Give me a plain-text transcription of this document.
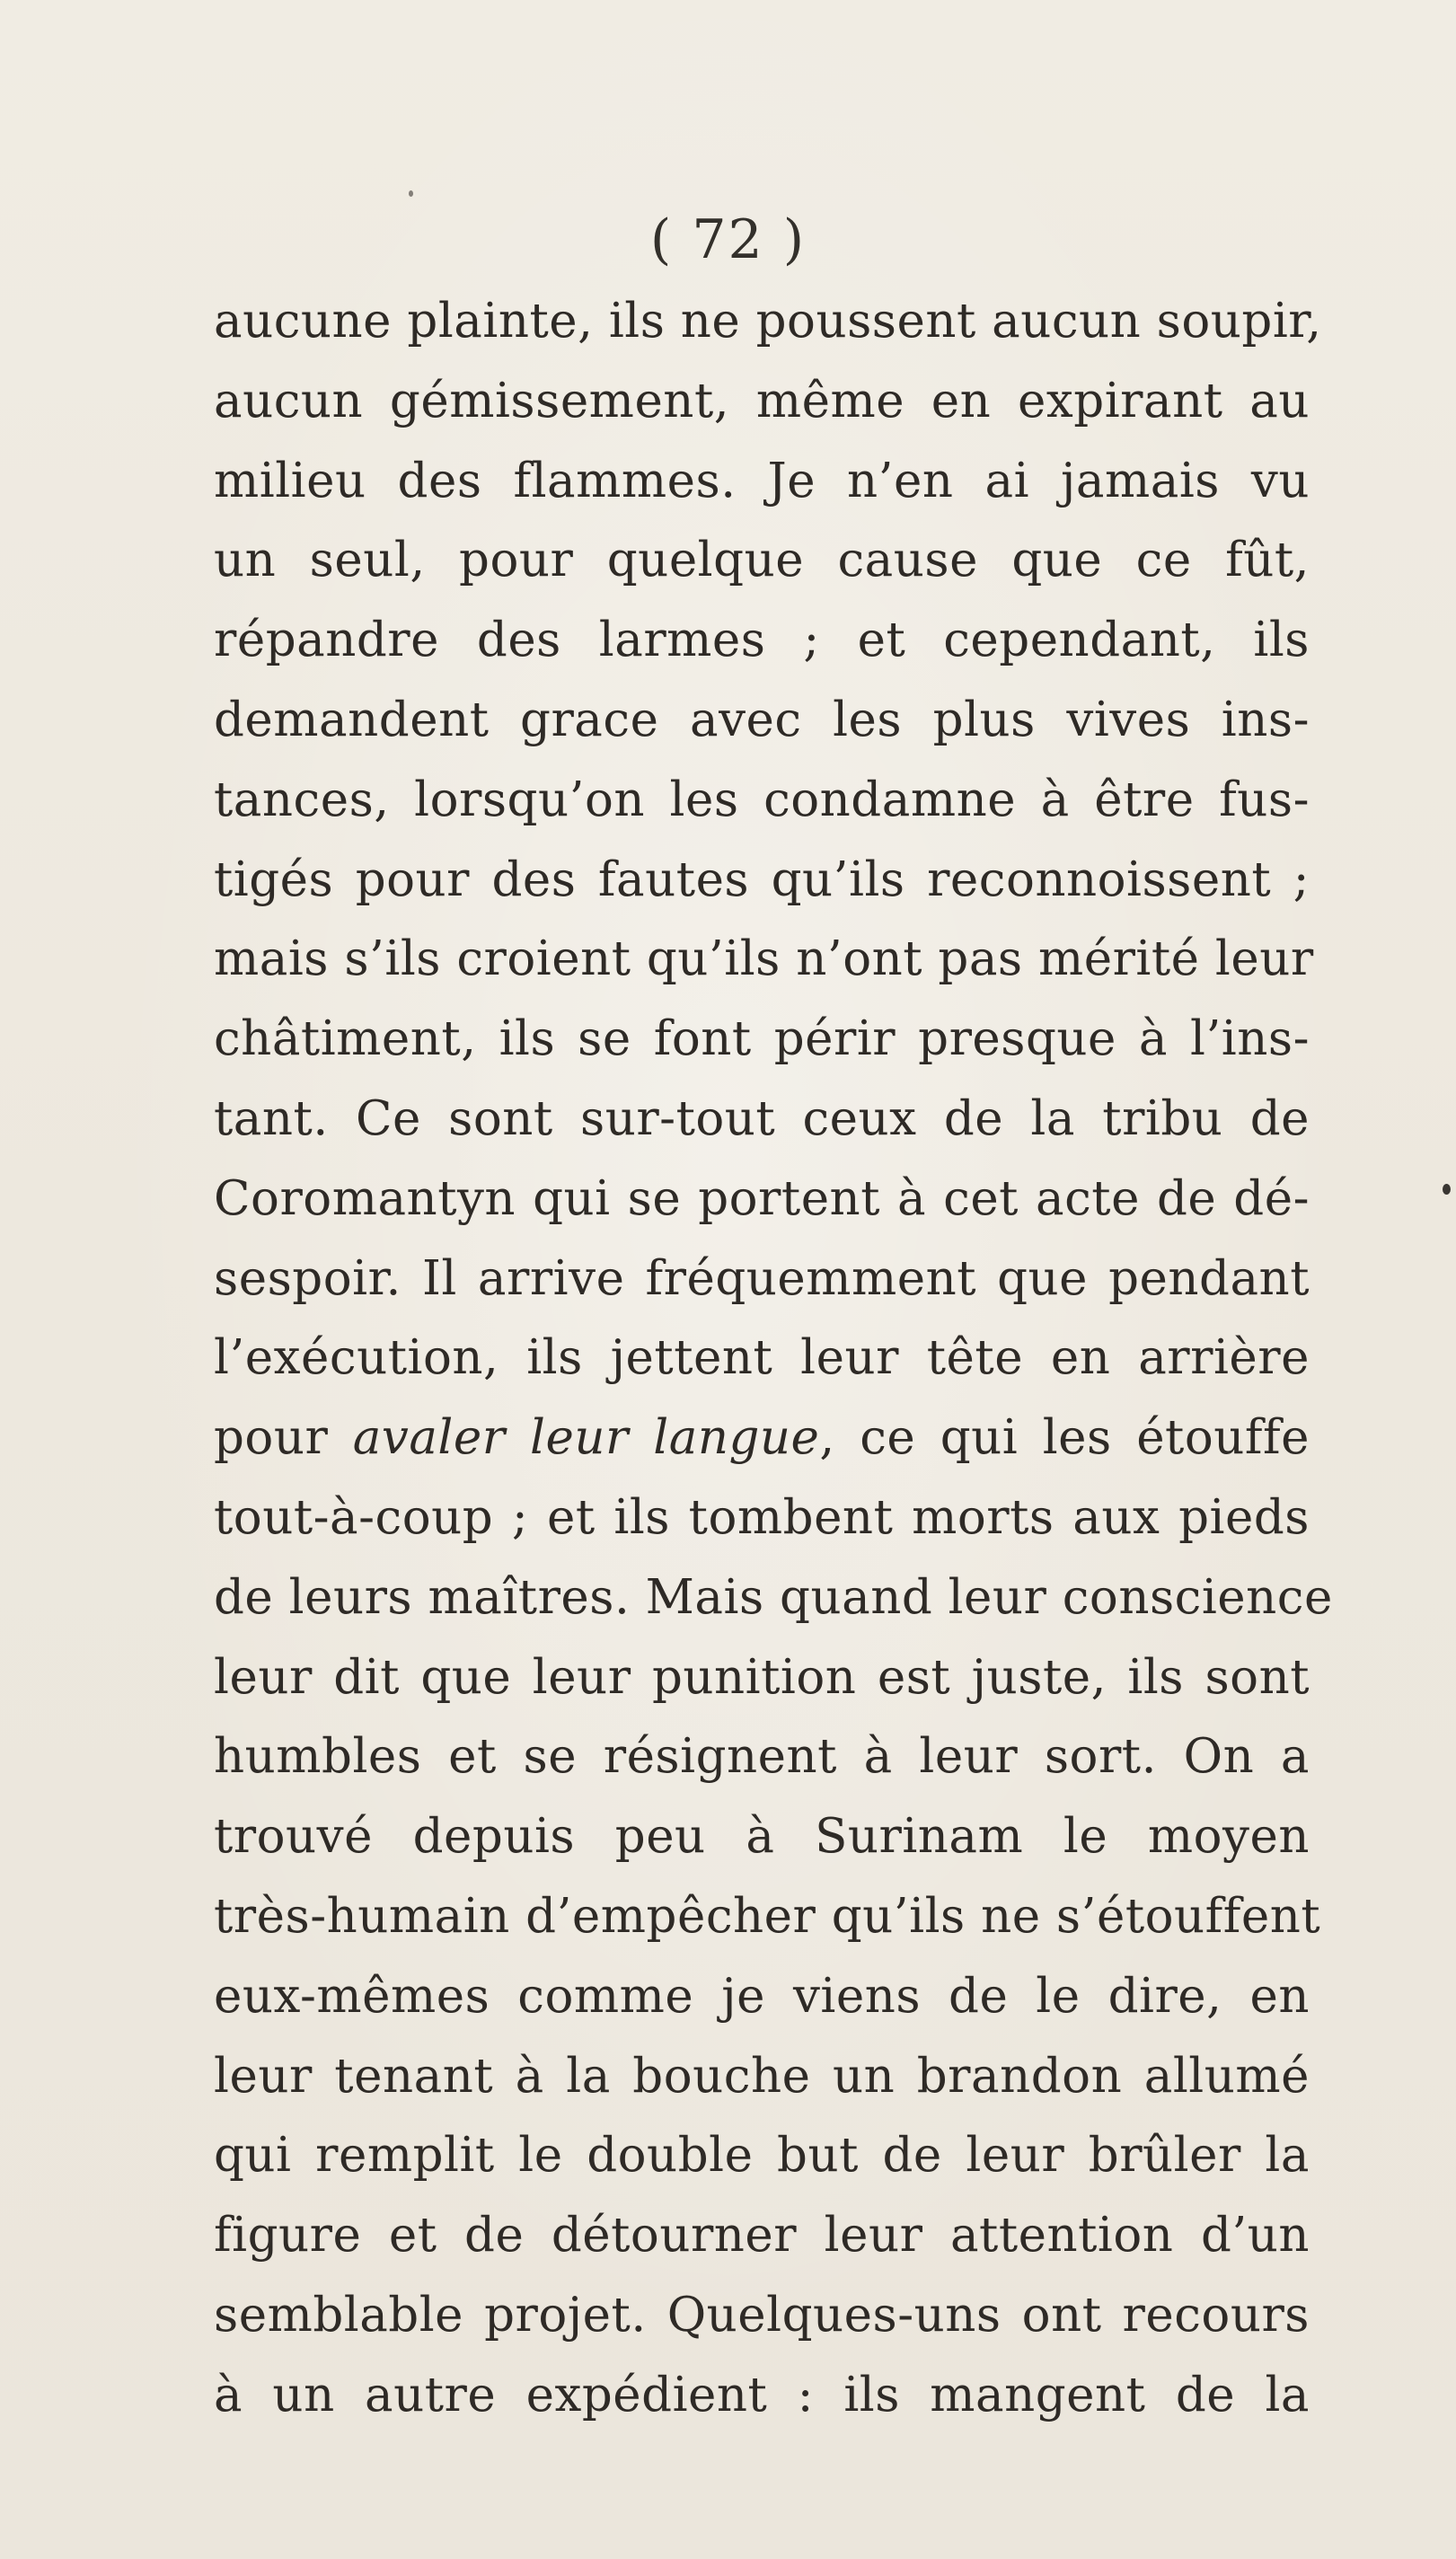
( 72 )
aucune plainte, ils ne poussent aucun soupir,
aucun gémissement, même en expirant au
milieu des flammes. Je n’en ai jamais vu
un seul, pour quelque cause que ce fût,
répandre des larmes ; et cependant, ils
demandent grace avec les plus vives ins-
tances, lorsqu’on les condamne à être fus-
tigés pour des fautes qu’ils reconnoissent ;
mais s’ils croient qu’ils n’ont pas mérité leur
châtiment, ils se font périr presque à l’ins-
tant. Ce sont sur-tout ceux de la tribu de
Coromantyn qui se portent à cet acte de dé-
sespoir. Il arrive fréquemment que pendant
l’exécution, ils jettent leur tête en arrière
pour avaler leur langue, ce qui les étouffe
tout-à-coup ; et ils tombent morts aux pieds
de leurs maîtres. Mais quand leur conscience
leur dit que leur punition est juste, ils sont
humbles et se résignent à leur sort. On a
trouvé depuis peu à Surinam le moyen
très-humain d’empêcher qu’ils ne s’étouffent
eux-mêmes comme je viens de le dire, en
leur tenant à la bouche un brandon allumé
qui remplit le double but de leur brûler la
figure et de détourner leur attention d’un
semblable projet. Quelques-uns ont recours
à un autre expédient : ils mangent de la
